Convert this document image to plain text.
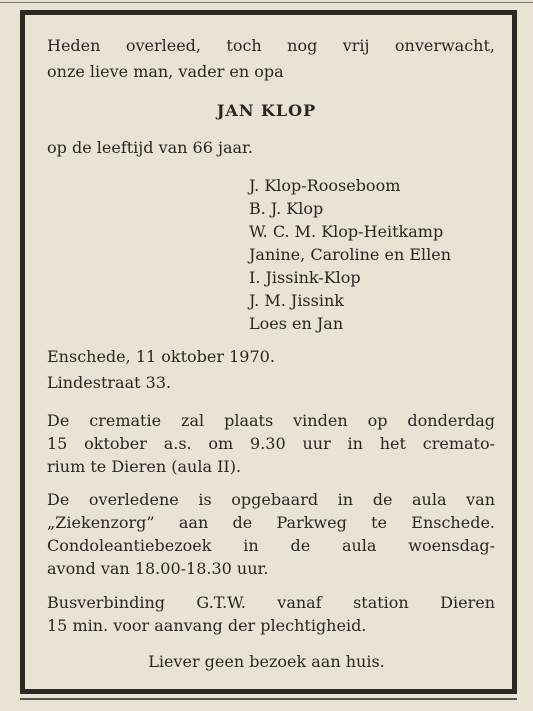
Heden overleed, toch nog vrij onverwacht,
onze lieve man, vader en opa
JAN KLOP
op de leeftijd van 66 jaar.
J. Klop-Rooseboom
B. J. Klop
W. C. M. Klop-Heitkamp
Janine, Caroline en Ellen
I. Jissink-Klop
J. M. Jissink
Loes en Jan
Enschede, 11 oktober 1970.
Lindestraat 33.
De crematie zal plaats vinden op donderdag
15 oktober a.s. om 9.30 uur in het cremato-
rium te Dieren (aula II).
De overledene is opgebaard in de aula van
„Ziekenzorg” aan de Parkweg te Enschede.
Condoleantiebezoek in de aula woensdag-
avond van 18.00-18.30 uur.
Busverbinding G.T.W. vanaf station Dieren
15 min. voor aanvang der plechtigheid.
Liever geen bezoek aan huis.
